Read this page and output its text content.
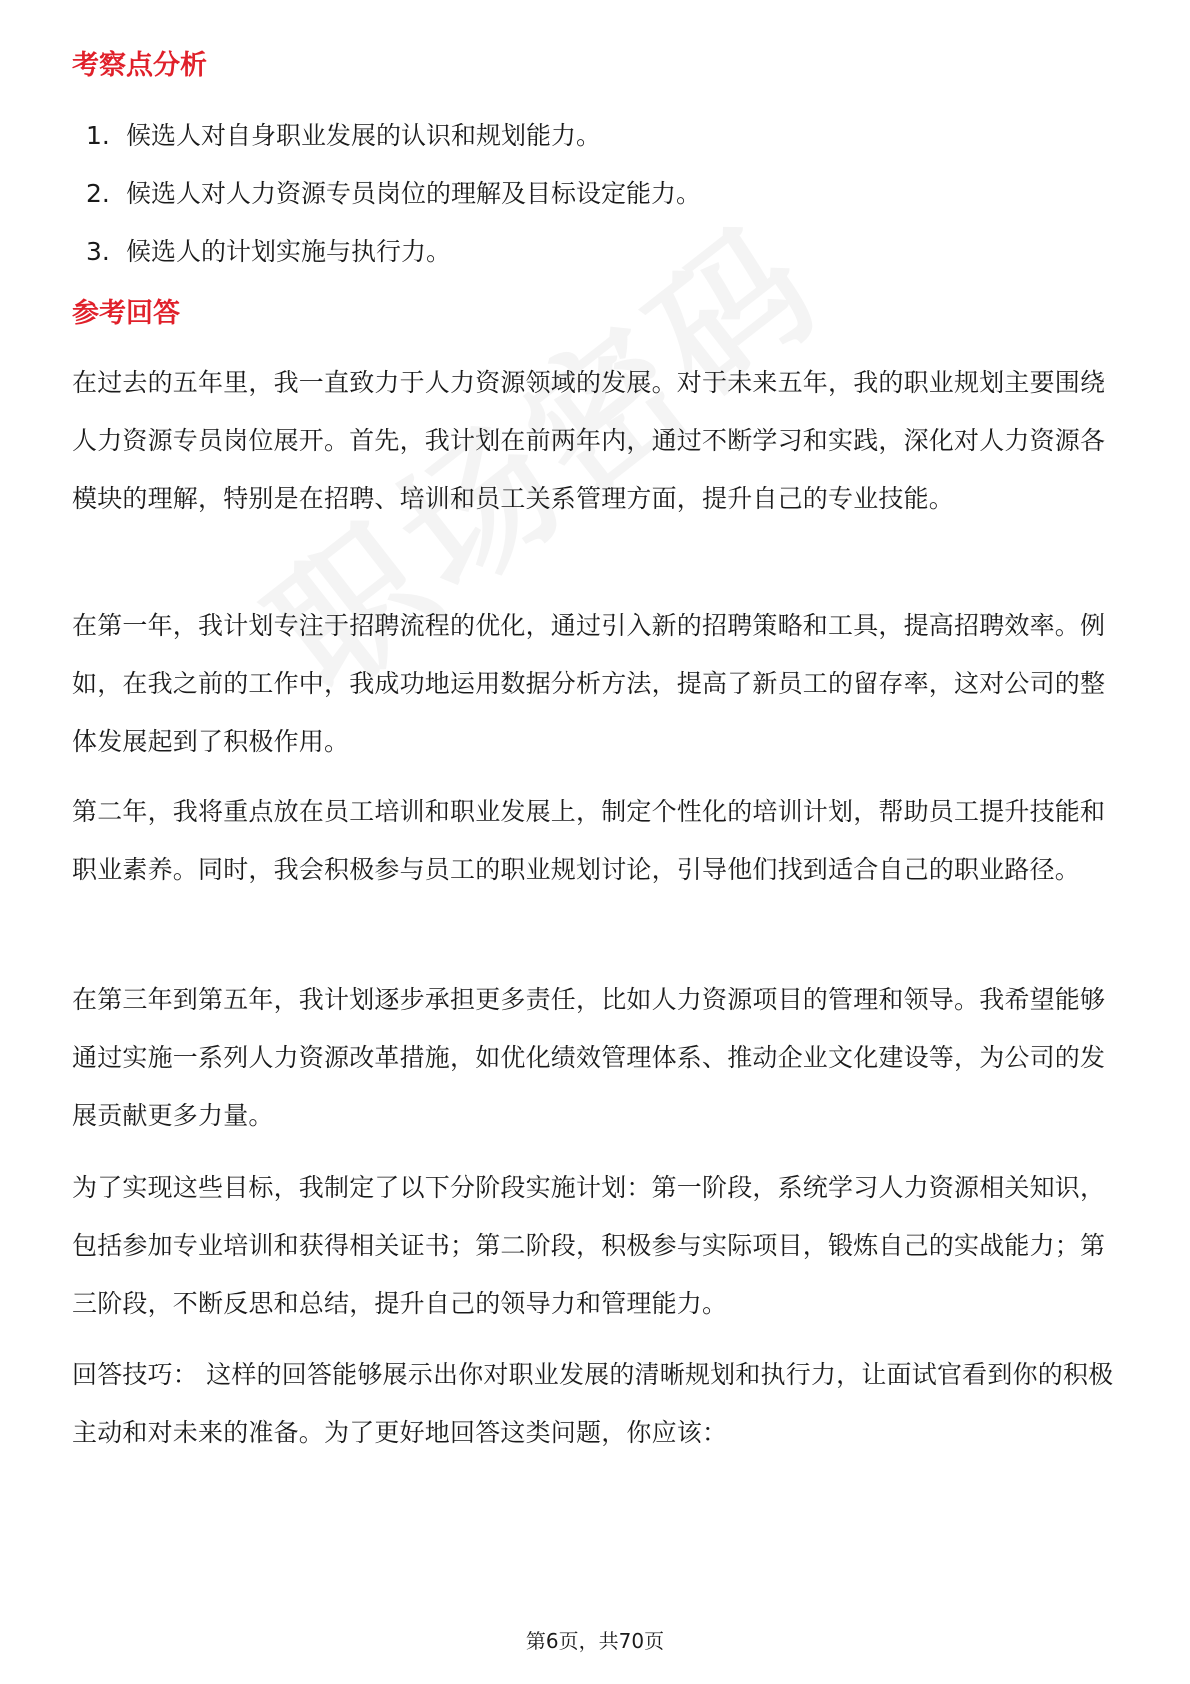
考察点分析
1. 候选人对自身职业发展的认识和规划能力。
2. 候选人对人力资源专员岗位的理解及目标设定能力。
3. 候选人的计划实施与执行力。
参考回答

在过去的五年里，我一直致力于人力资源领域的发展。对于未来五年，我的职业规划主要围绕人力资源专员岗位展开。首先，我计划在前两年内，通过不断学习和实践，深化对人力资源各模块的理解，特别是在招聘、培训和员工关系管理方面，提升自己的专业技能。

在第一年，我计划专注于招聘流程的优化，通过引入新的招聘策略和工具，提高招聘效率。例如，在我之前的工作中，我成功地运用数据分析方法，提高了新员工的留存率，这对公司的整体发展起到了积极作用。

第二年，我将重点放在员工培训和职业发展上，制定个性化的培训计划，帮助员工提升技能和职业素养。同时，我会积极参与员工的职业规划讨论，引导他们找到适合自己的职业路径。

在第三年到第五年，我计划逐步承担更多责任，比如人力资源项目的管理和领导。我希望能够通过实施一系列人力资源改革措施，如优化绩效管理体系、推动企业文化建设等，为公司的发展贡献更多力量。

为了实现这些目标，我制定了以下分阶段实施计划：第一阶段，系统学习人力资源相关知识，包括参加专业培训和获得相关证书；第二阶段，积极参与实际项目，锻炼自己的实战能力；第三阶段，不断反思和总结，提升自己的领导力和管理能力。

回答技巧： 这样的回答能够展示出你对职业发展的清晰规划和执行力，让面试官看到你的积极主动和对未来的准备。为了更好地回答这类问题，你应该：

第6页，共70页
